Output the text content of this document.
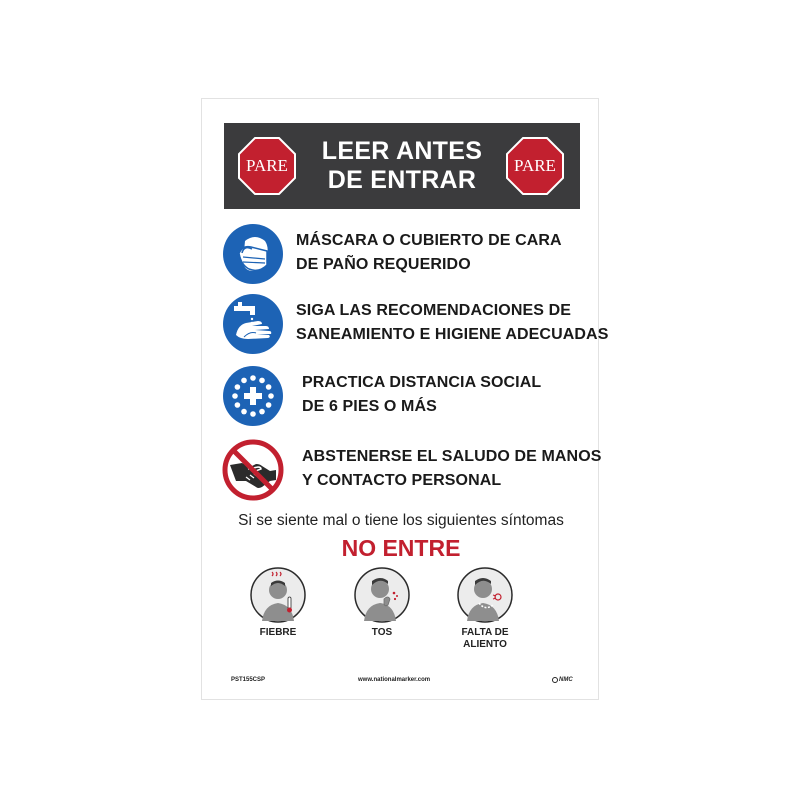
PARE
LEER ANTES
DE ENTRAR
PARE
MÁSCARA O CUBIERTO DE CARA
DE PAÑO REQUERIDO
SIGA LAS RECOMENDACIONES DE
SANEAMIENTO E HIGIENE ADECUADAS
PRACTICA DISTANCIA SOCIAL
DE 6 PIES O MÁS
ABSTENERSE EL SALUDO DE MANOS
Y CONTACTO PERSONAL
Si se siente mal o tiene los siguientes síntomas
NO ENTRE
FIEBRE	TOS	FALTA DE
ALIENTO
PST155CSP	www.nationalmarker.com	NMC
